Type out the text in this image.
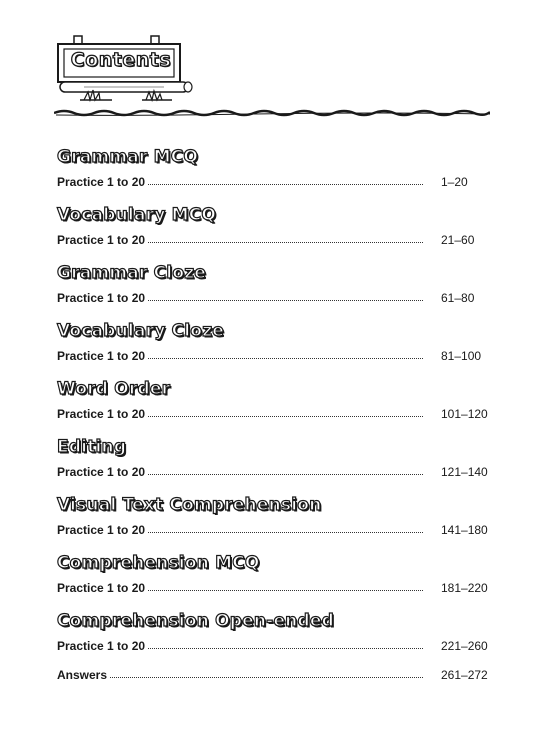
Contents
Grammar MCQ
Practice 1 to 20	1–20
Vocabulary MCQ
Practice 1 to 20	21–60
Grammar Cloze
Practice 1 to 20	61–80
Vocabulary Cloze
Practice 1 to 20	81–100
Word Order
Practice 1 to 20	101–120
Editing
Practice 1 to 20	121–140
Visual Text Comprehension
Practice 1 to 20	141–180
Comprehension MCQ
Practice 1 to 20	181–220
Comprehension Open-ended
Practice 1 to 20	221–260
Answers	261–272
